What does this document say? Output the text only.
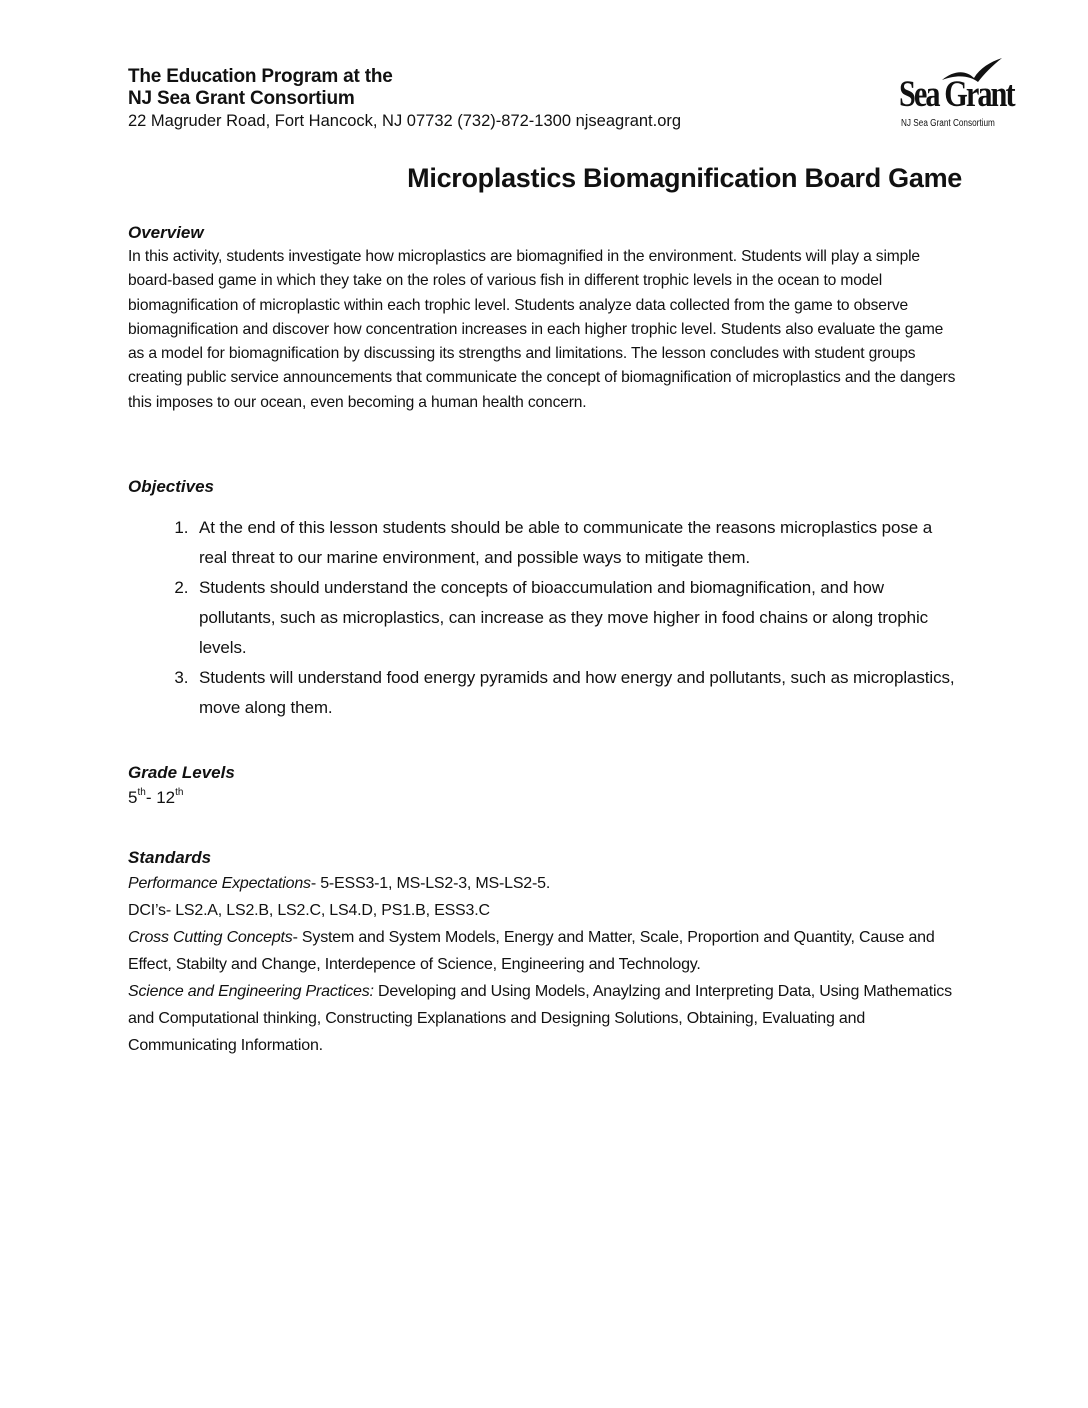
The Education Program at the
NJ Sea Grant Consortium
22 Magruder Road, Fort Hancock, NJ 07732 (732)-872-1300 njseagrant.org
Sea Grant
NJ Sea Grant Consortium
Microplastics Biomagnification Board Game
Overview

In this activity, students investigate how microplastics are biomagnified in the environment. Students will play a simple board-based game in which they take on the roles of various fish in different trophic levels in the ocean to model biomagnification of microplastic within each trophic level. Students analyze data collected from the game to observe biomagnification and discover how concentration increases in each higher trophic level. Students also evaluate the game as a model for biomagnification by discussing its strengths and limitations. The lesson concludes with student groups creating public service announcements that communicate the concept of biomagnification of microplastics and the dangers this imposes to our ocean, even becoming a human health concern.

Objectives
1. At the end of this lesson students should be able to communicate the reasons microplastics pose a real threat to our marine environment, and possible ways to mitigate them.
2. Students should understand the concepts of bioaccumulation and biomagnification, and how pollutants, such as microplastics, can increase as they move higher in food chains or along trophic levels.
3. Students will understand food energy pyramids and how energy and pollutants, such as microplastics, move along them.
Grade Levels
5th- 12th
Standards
Performance Expectations- 5-ESS3-1, MS-LS2-3, MS-LS2-5.
DCI’s- LS2.A, LS2.B, LS2.C, LS4.D, PS1.B, ESS3.C
Cross Cutting Concepts- System and System Models, Energy and Matter, Scale, Proportion and Quantity, Cause and Effect, Stabilty and Change, Interdepence of Science, Engineering and Technology.
Science and Engineering Practices: Developing and Using Models, Anaylzing and Interpreting Data, Using Mathematics and Computational thinking, Constructing Explanations and Designing Solutions, Obtaining, Evaluating and Communicating Information.
